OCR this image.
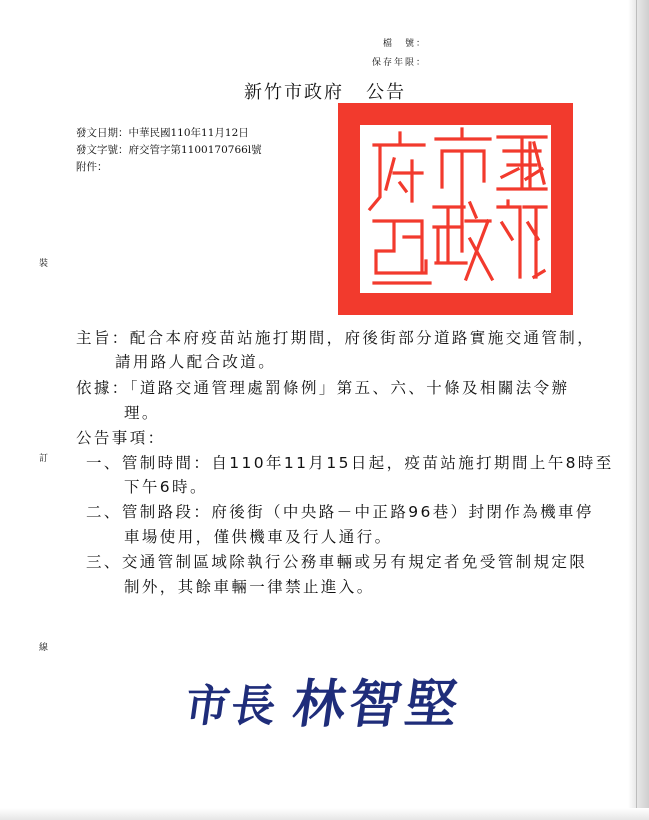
檔　號：
保存年限：
新竹市政府 公告
發文日期：中華民國110年11月12日
發文字號：府交管字第1100170766l號
附件：
裝
訂
線
主旨：配合本府疫苗站施打期間，府後街部分道路實施交通管制，
請用路人配合改道。
依據：「道路交通管理處罰條例」第五、六、十條及相關法令辦
理。
公告事項：
一、管制時間：自110年11月15日起，疫苗站施打期間上午8時至
下午6時。
二、管制路段：府後街（中央路－中正路96巷）封閉作為機車停
車場使用，僅供機車及行人通行。
三、交通管制區域除執行公務車輛或另有規定者免受管制規定限
制外，其餘車輛一律禁止進入。
市長 林智堅
